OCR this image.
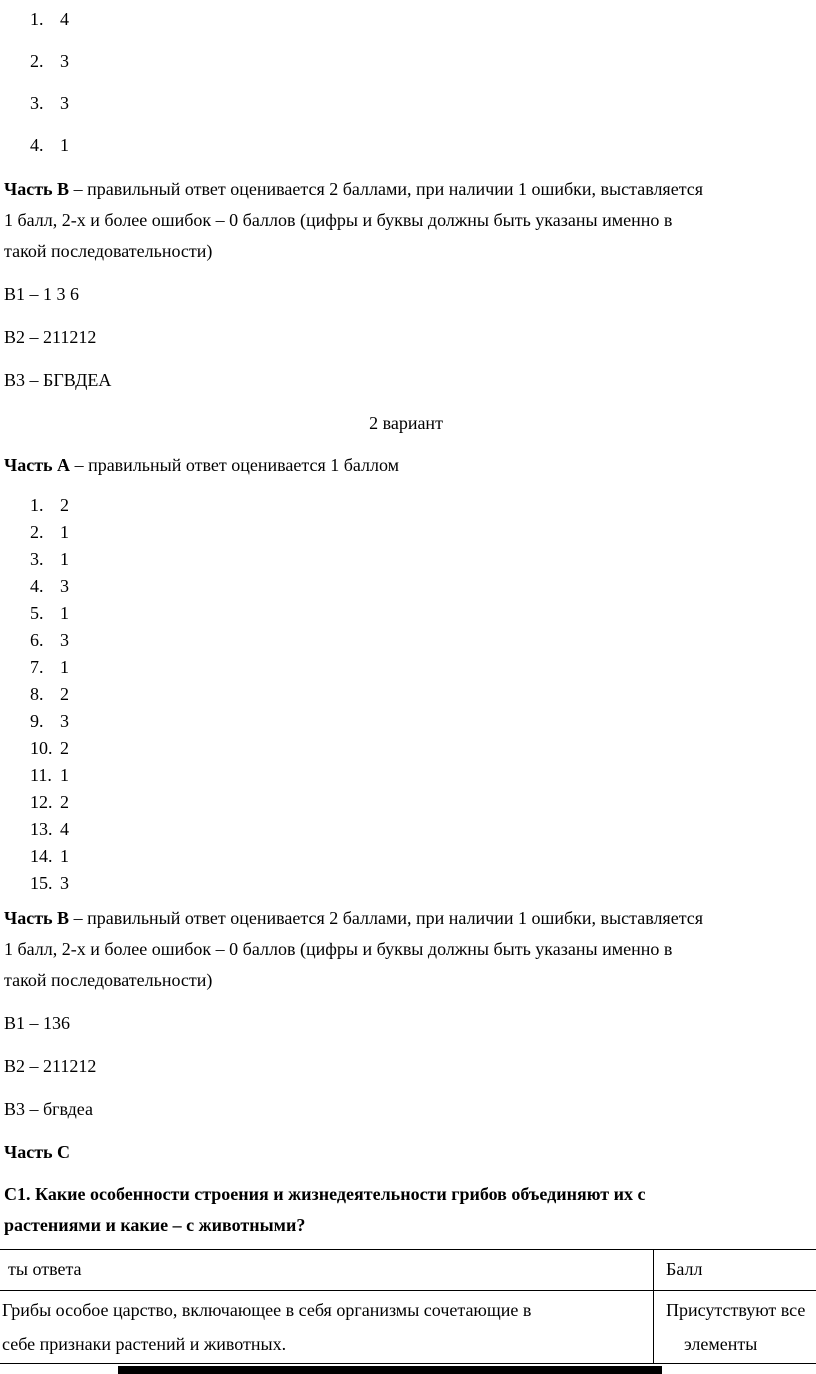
1. 4
2. 3
3. 3
4. 1
Часть В – правильный ответ оценивается 2 баллами, при наличии 1 ошибки, выставляется
1 балл, 2-х и более ошибок – 0 баллов (цифры и буквы должны быть указаны именно в
такой последовательности)
В1 – 1 3 6
В2 – 211212
В3 – БГВДЕА
2 вариант
Часть А – правильный ответ оценивается 1 баллом
1. 2
2. 1
3. 1
4. 3
5. 1
6. 3
7. 1
8. 2
9. 3
10. 2
11. 1
12. 2
13. 4
14. 1
15. 3
Часть В – правильный ответ оценивается 2 баллами, при наличии 1 ошибки, выставляется
1 балл, 2-х и более ошибок – 0 баллов (цифры и буквы должны быть указаны именно в
такой последовательности)
В1 – 136
В2 – 211212
В3 – бгвдеа
Часть С
С1. Какие особенности строения и жизнедеятельности грибов объединяют их с
растениями и какие – с животными?
ты ответа	Балл
Грибы особое царство, включающее в себя организмы сочетающие в
себе признаки растений и животных.
Присутствуют все
элементы
